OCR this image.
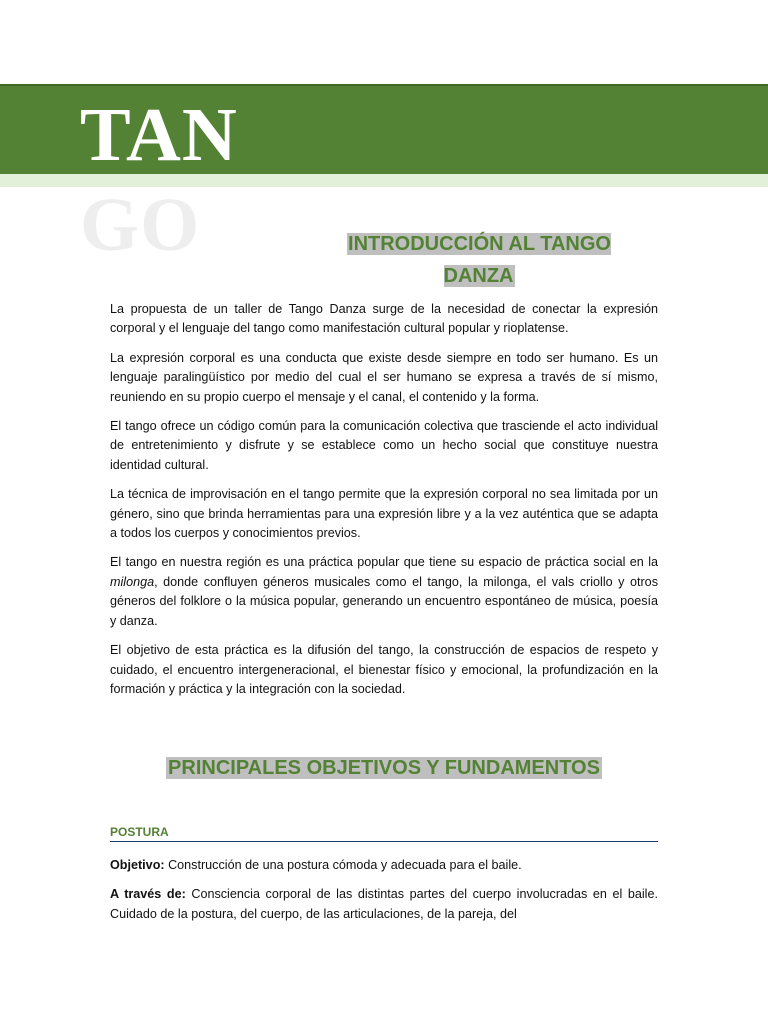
TAN
GO	INTRODUCCIÓN AL TANGO DANZA

La propuesta de un taller de Tango Danza surge de la necesidad de conectar la expresión corporal y el lenguaje del tango como manifestación cultural popular y rioplatense.

La expresión corporal es una conducta que existe desde siempre en todo ser humano. Es un lenguaje paralingüístico por medio del cual el ser humano se expresa a través de sí mismo, reuniendo en su propio cuerpo el mensaje y el canal, el contenido y la forma.

El tango ofrece un código común para la comunicación colectiva que trasciende el acto individual de entretenimiento y disfrute y se establece como un hecho social que constituye nuestra identidad cultural.

La técnica de improvisación en el tango permite que la expresión corporal no sea limitada por un género, sino que brinda herramientas para una expresión libre y a la vez auténtica que se adapta a todos los cuerpos y conocimientos previos.

El tango en nuestra región es una práctica popular que tiene su espacio de práctica social en la milonga, donde confluyen géneros musicales como el tango, la milonga, el vals criollo y otros géneros del folklore o la música popular, generando un encuentro espontáneo de música, poesía y danza.

El objetivo de esta práctica es la difusión del tango, la construcción de espacios de respeto y cuidado, el encuentro intergeneracional, el bienestar físico y emocional, la profundización en la formación y práctica y la integración con la sociedad.

PRINCIPALES OBJETIVOS Y FUNDAMENTOS
POSTURA

Objetivo: Construcción de una postura cómoda y adecuada para el baile.

A través de: Consciencia corporal de las distintas partes del cuerpo involucradas en el baile. Cuidado de la postura, del cuerpo, de las articulaciones, de la pareja, del
